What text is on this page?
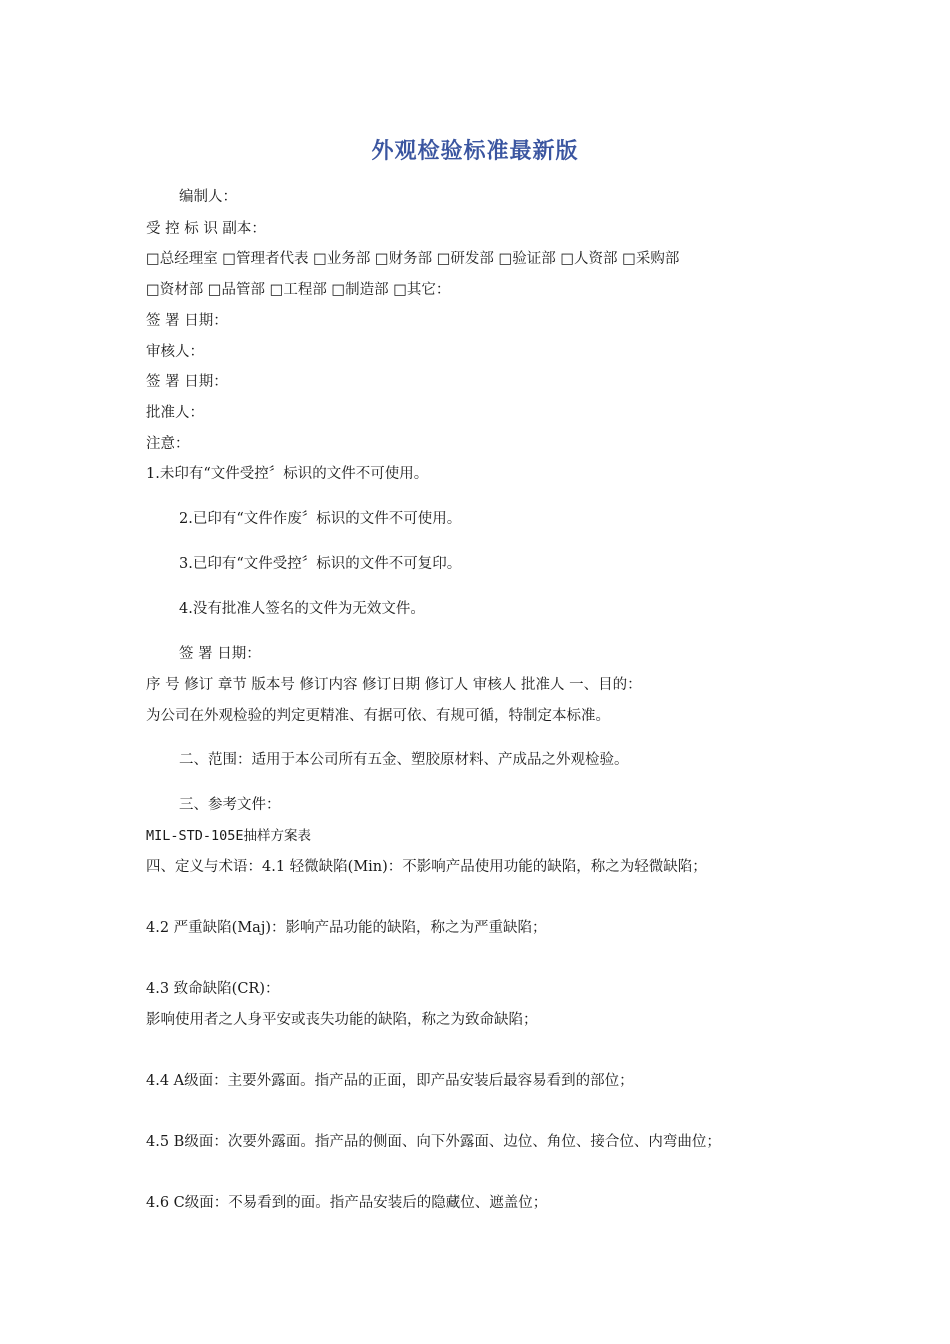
外观检验标准最新版
编制人：
受 控 标 识 副本：
□总经理室 □管理者代表 □业务部 □财务部 □研发部 □验证部 □人资部 □采购部
□资材部 □品管部 □工程部 □制造部 □其它：
签 署 日期：
审核人：
签 署 日期：
批准人：
注意：
1.未印有“文件受控〞标识的文件不可使用。
2.已印有“文件作废〞标识的文件不可使用。
3.已印有“文件受控〞标识的文件不可复印。
4.没有批准人签名的文件为无效文件。
签 署 日期：
序 号 修订 章节 版本号 修订内容 修订日期 修订人 审核人 批准人 一、目的：
为公司在外观检验的判定更精准、有据可依、有规可循，特制定本标准。
二、范围：适用于本公司所有五金、塑胶原材料、产成品之外观检验。
三、参考文件：
MIL-STD-105E抽样方案表
四、定义与术语：4.1 轻微缺陷(Min)：不影响产品使用功能的缺陷，称之为轻微缺陷；
4.2 严重缺陷(Maj)：影响产品功能的缺陷，称之为严重缺陷；
4.3 致命缺陷(CR)：
影响使用者之人身平安或丧失功能的缺陷，称之为致命缺陷；
4.4 A级面：主要外露面。指产品的正面，即产品安装后最容易看到的部位；
4.5 B级面：次要外露面。指产品的侧面、向下外露面、边位、角位、接合位、内弯曲位；
4.6 C级面：不易看到的面。指产品安装后的隐藏位、遮盖位；
